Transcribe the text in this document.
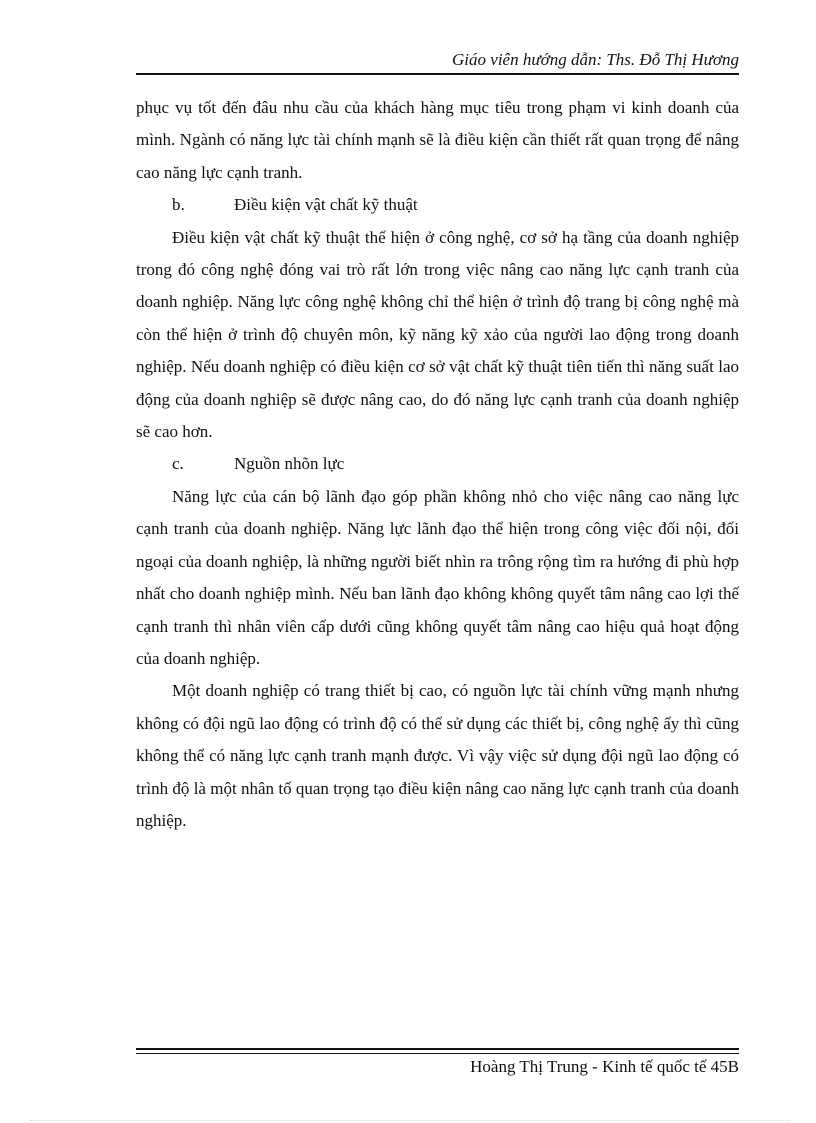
Giáo viên hướng dẫn: Ths. Đỗ Thị Hương

phục vụ tốt đến đâu nhu cầu của khách hàng mục tiêu trong phạm vi kinh doanh của mình. Ngành có năng lực tài chính mạnh sẽ là điều kiện cần thiết rất quan trọng để nâng cao năng lực cạnh tranh.

b.	Điều kiện vật chất kỹ thuật

Điều kiện vật chất kỹ thuật thể hiện ở công nghệ, cơ sở hạ tầng của doanh nghiệp trong đó công nghệ đóng vai trò rất lớn trong việc nâng cao năng lực cạnh tranh của doanh nghiệp. Năng lực công nghệ không chỉ thể hiện ở trình độ trang bị công nghệ mà còn thể hiện ở trình độ chuyên môn, kỹ năng kỹ xảo của người lao động trong doanh nghiệp. Nếu doanh nghiệp có điều kiện cơ sở vật chất kỹ thuật tiên tiến thì năng suất lao động của doanh nghiệp sẽ được nâng cao, do đó năng lực cạnh tranh của doanh nghiệp sẽ cao hơn.

c.	Nguồn nhõn lực

Năng lực của cán bộ lãnh đạo góp phần không nhỏ cho việc nâng cao năng lực cạnh tranh của doanh nghiệp. Năng lực lãnh đạo thể hiện trong công việc đối nội, đối ngoại của doanh nghiệp, là những người biết nhìn ra trông rộng tìm ra hướng đi phù hợp nhất cho doanh nghiệp mình. Nếu ban lãnh đạo không không quyết tâm nâng cao lợi thế cạnh tranh thì nhân viên cấp dưới cũng không quyết tâm nâng cao hiệu quả hoạt động của doanh nghiệp.

Một doanh nghiệp có trang thiết bị cao, có nguồn lực tài chính vững mạnh nhưng không có đội ngũ lao động có trình độ có thể sử dụng các thiết bị, công nghệ ấy thì cũng không thể có năng lực cạnh tranh mạnh được. Vì vậy việc sử dụng đội ngũ lao động có trình độ là một nhân tố quan trọng tạo điều kiện nâng cao năng lực cạnh tranh của doanh nghiệp.

Hoàng Thị Trung - Kinh tế quốc tế 45B
